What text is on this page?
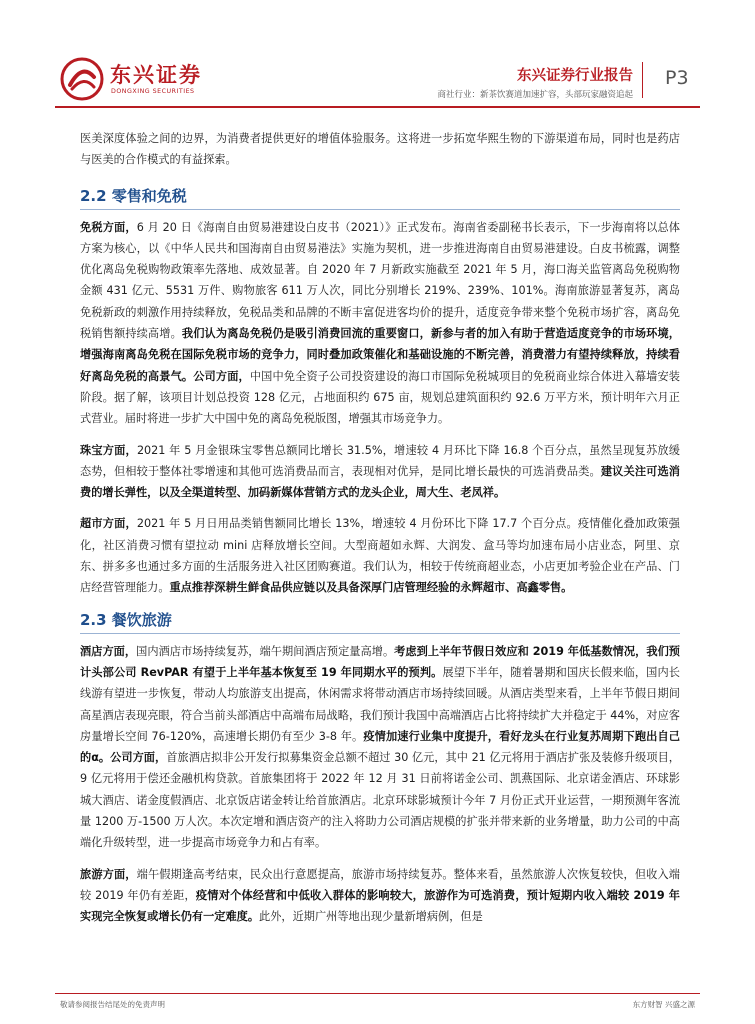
东兴证券
DONGXING SECURITIES
东兴证券行业报告
商社行业：新茶饮赛道加速扩容，头部玩家融资追起
P3

医美深度体验之间的边界，为消费者提供更好的增值体验服务。这将进一步拓宽华熙生物的下游渠道布局，同时也是药店与医美的合作模式的有益探索。

2.2 零售和免税

免税方面，6 月 20 日《海南自由贸易港建设白皮书（2021）》正式发布。海南省委副秘书长表示，下一步海南将以总体方案为核心，以《中华人民共和国海南自由贸易港法》实施为契机，进一步推进海南自由贸易港建设。白皮书梳露，调整优化离岛免税购物政策率先落地、成效显著。自 2020 年 7 月新政实施截至 2021 年 5 月，海口海关监管离岛免税购物金额 431 亿元、5531 万件、购物旅客 611 万人次，同比分别增长 219%、239%、101%。海南旅游显著复苏，离岛免税新政的刺激作用持续释放，免税品类和品牌的不断丰富促进客均价的提升，适度竞争带来整个免税市场扩容，离岛免税销售额持续高增。我们认为离岛免税仍是吸引消费回流的重要窗口，新参与者的加入有助于营造适度竞争的市场环境，增强海南离岛免税在国际免税市场的竞争力，同时叠加政策催化和基础设施的不断完善，消费潜力有望持续释放，持续看好离岛免税的高景气。公司方面，中国中免全资子公司投资建设的海口市国际免税城项目的免税商业综合体进入幕墙安装阶段。据了解，该项目计划总投资 128 亿元，占地面积约 675 亩，规划总建筑面积约 92.6 万平方米，预计明年六月正式营业。届时将进一步扩大中国中免的离岛免税版图，增强其市场竞争力。

珠宝方面，2021 年 5 月金银珠宝零售总额同比增长 31.5%，增速较 4 月环比下降 16.8 个百分点，虽然呈现复苏放缓态势，但相较于整体社零增速和其他可选消费品而言，表现相对优异，是同比增长最快的可选消费品类。建议关注可选消费的增长弹性，以及全渠道转型、加码新媒体营销方式的龙头企业，周大生、老凤祥。

超市方面，2021 年 5 月日用品类销售额同比增长 13%，增速较 4 月份环比下降 17.7 个百分点。疫情催化叠加政策强化，社区消费习惯有望拉动 mini 店释放增长空间。大型商超如永辉、大润发、盒马等均加速布局小店业态，阿里、京东、拼多多也通过多方面的生活服务进入社区团购赛道。我们认为，相较于传统商超业态，小店更加考验企业在产品、门店经营管理能力。重点推荐深耕生鲜食品供应链以及具备深厚门店管理经验的永辉超市、高鑫零售。

2.3 餐饮旅游

酒店方面，国内酒店市场持续复苏，端午期间酒店预定量高增。考虑到上半年节假日效应和 2019 年低基数情况，我们预计头部公司 RevPAR 有望于上半年基本恢复至 19 年同期水平的预判。展望下半年，随着暑期和国庆长假来临，国内长线游有望进一步恢复，带动人均旅游支出提高，休闲需求将带动酒店市场持续回暖。从酒店类型来看，上半年节假日期间高星酒店表现亮眼，符合当前头部酒店中高端布局战略，我们预计我国中高端酒店占比将持续扩大并稳定于 44%，对应客房量增长空间 76-120%，高速增长期仍有至少 3-8 年。疫情加速行业集中度提升，看好龙头在行业复苏周期下跑出自己的α。公司方面，首旅酒店拟非公开发行拟募集资金总额不超过 30 亿元，其中 21 亿元将用于酒店扩张及装修升级项目，9 亿元将用于偿还金融机构贷款。首旅集团将于 2022 年 12 月 31 日前将诺金公司、凯燕国际、北京诺金酒店、环球影城大酒店、诺金度假酒店、北京饭店诺金转让给首旅酒店。北京环球影城预计今年 7 月份正式开业运营，一期预测年客流量 1200 万-1500 万人次。本次定增和酒店资产的注入将助力公司酒店规模的扩张并带来新的业务增量，助力公司的中高端化升级转型，进一步提高市场竞争力和占有率。

旅游方面，端午假期逢高考结束，民众出行意愿提高，旅游市场持续复苏。整体来看，虽然旅游人次恢复较快，但收入端较 2019 年仍有差距，疫情对个体经营和中低收入群体的影响较大，旅游作为可选消费，预计短期内收入端较 2019 年实现完全恢复或增长仍有一定难度。此外，近期广州等地出现少量新增病例，但是

敬请参阅报告结尾处的免责声明	东方财智 兴盛之源
